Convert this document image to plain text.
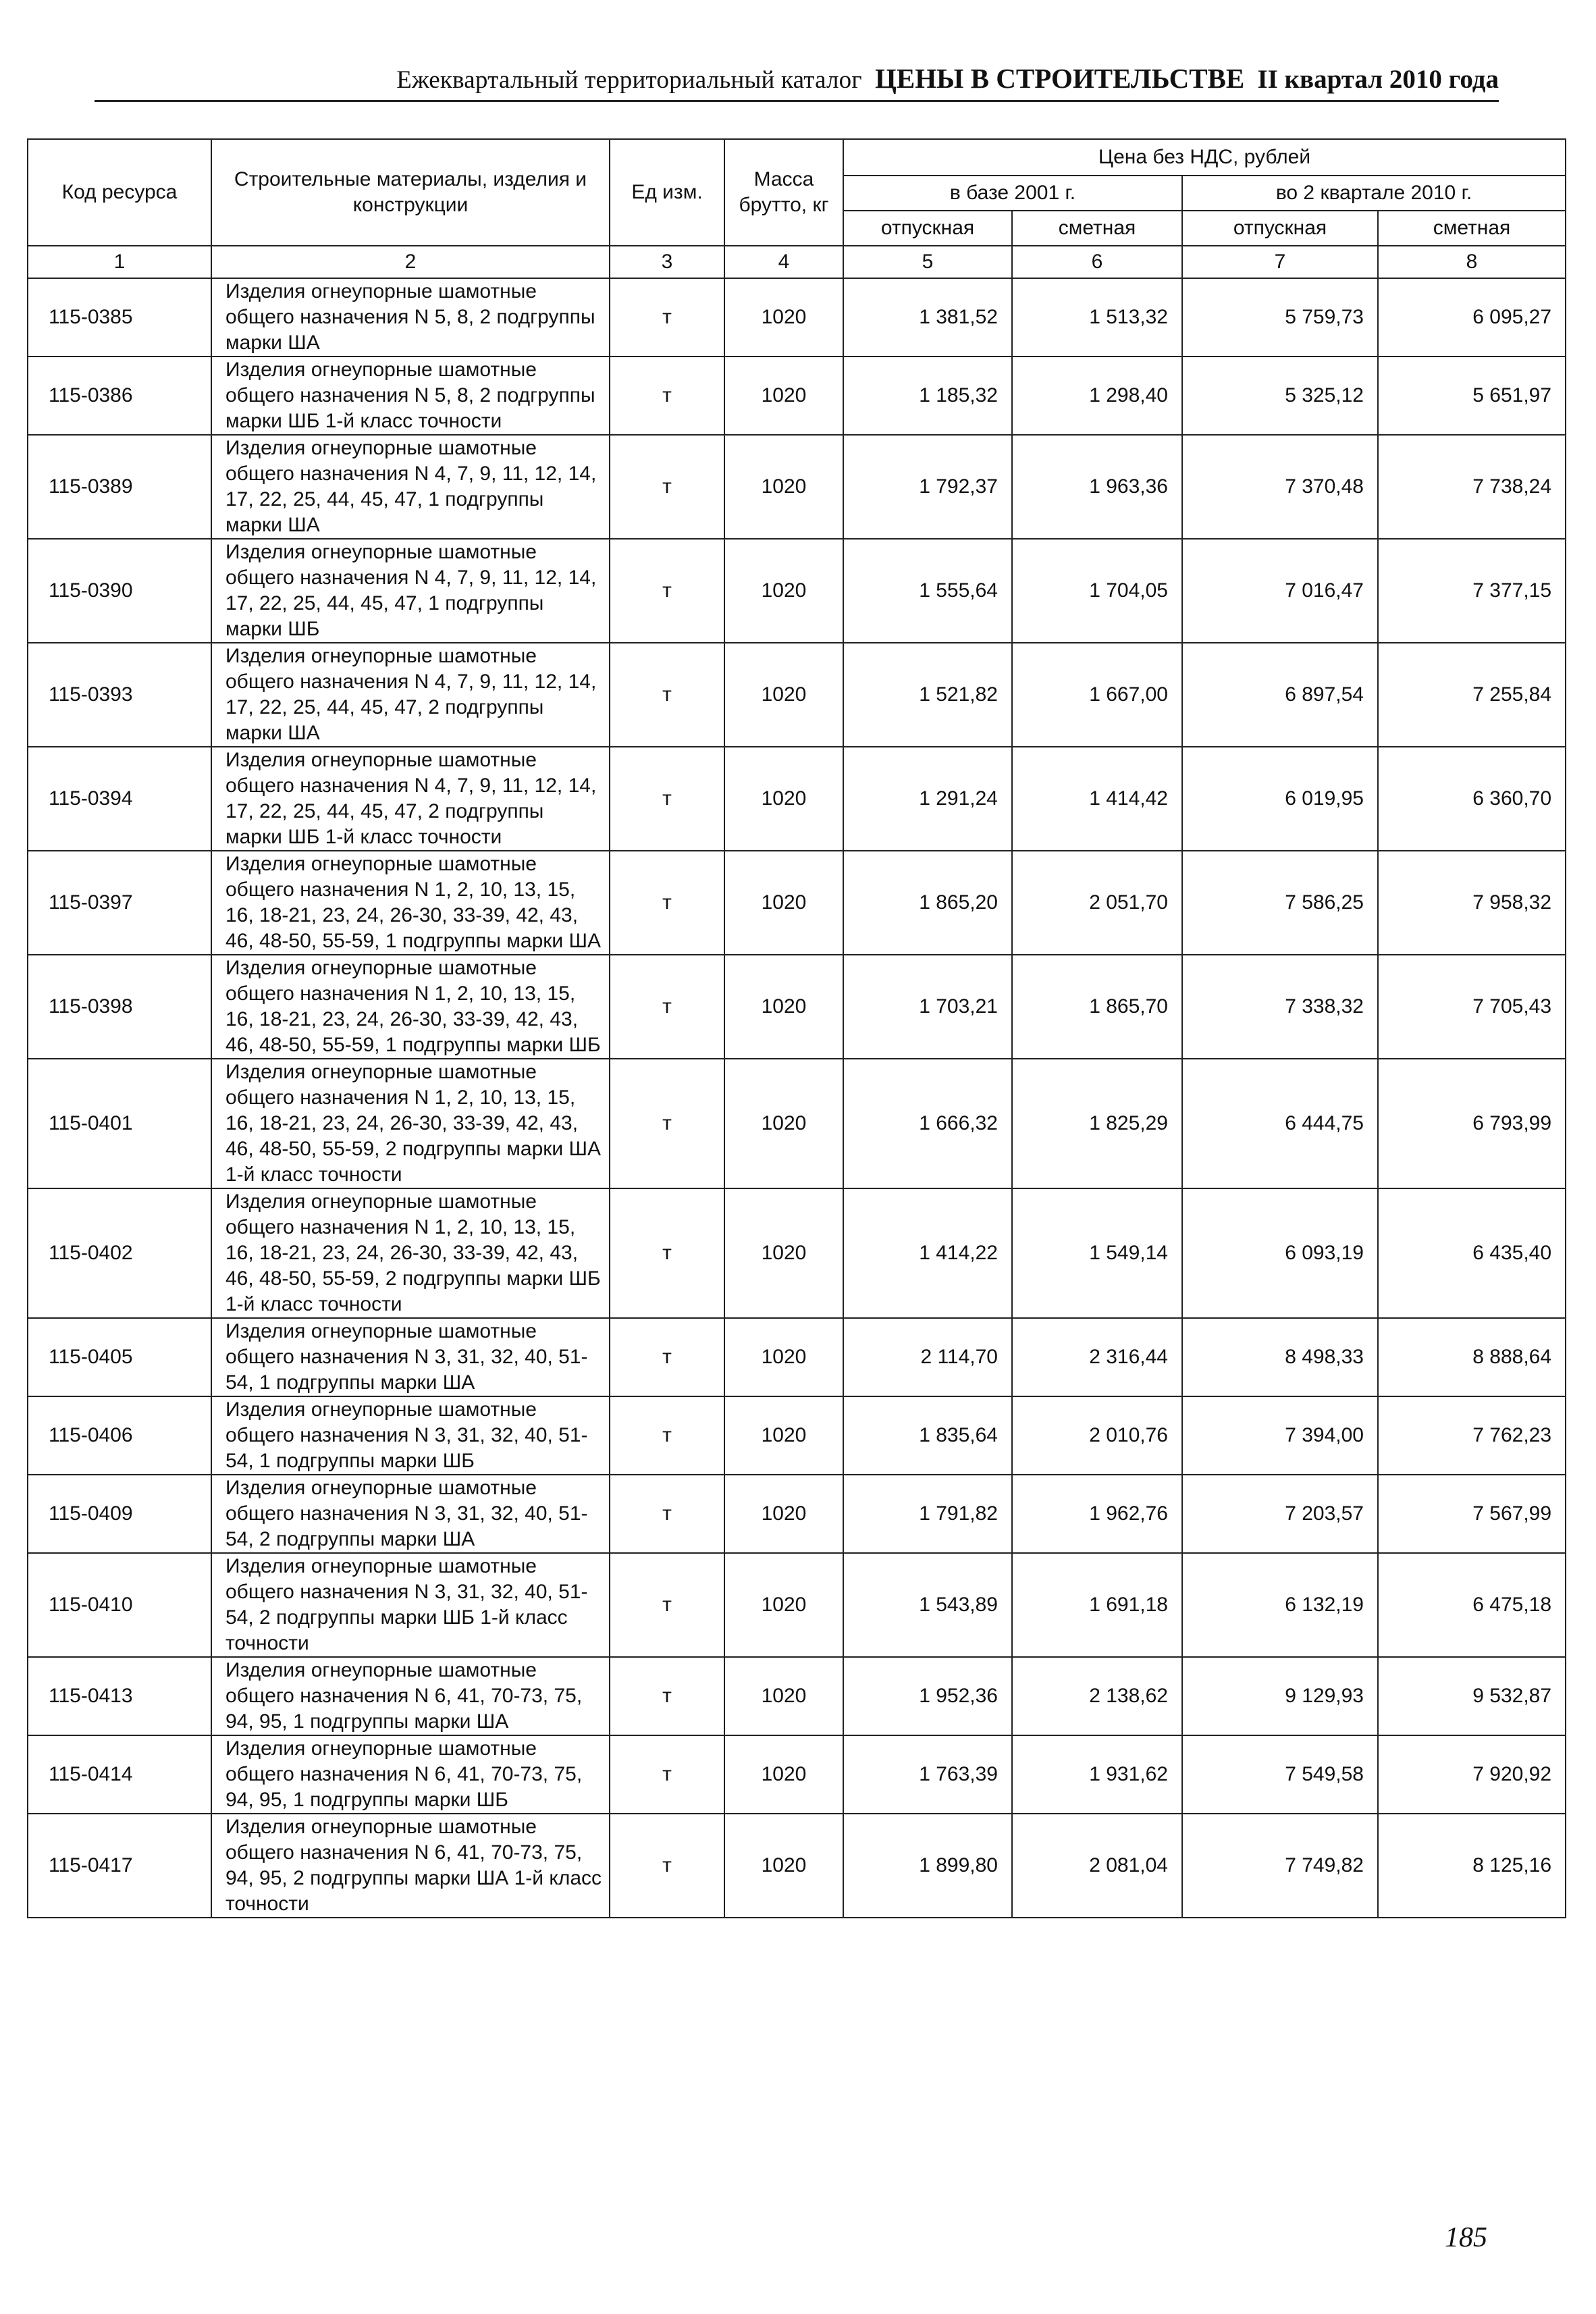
Ежеквартальный территориальный каталог ЦЕНЫ В СТРОИТЕЛЬСТВЕ II квартал 2010 года
Код ресурса	Строительные материалы, изделия и конструкции	Ед изм.	Масса брутто, кг	Цена без НДС, рублей			
				в базе 2001 г.		во 2 квартале 2010 г.	
				отпускная	сметная	отпускная	сметная
1	2	3	4	5	6	7	8
115-0385	Изделия огнеупорные шамотные общего назначения N 5, 8, 2 подгруппы марки ША	т	1020	1 381,52	1 513,32	5 759,73	6 095,27
115-0386	Изделия огнеупорные шамотные общего назначения N 5, 8, 2 подгруппы марки ШБ 1-й класс точности	т	1020	1 185,32	1 298,40	5 325,12	5 651,97
115-0389	Изделия огнеупорные шамотные общего назначения N 4, 7, 9, 11, 12, 14, 17, 22, 25, 44, 45, 47, 1 подгруппы марки ША	т	1020	1 792,37	1 963,36	7 370,48	7 738,24
115-0390	Изделия огнеупорные шамотные общего назначения N 4, 7, 9, 11, 12, 14, 17, 22, 25, 44, 45, 47, 1 подгруппы марки ШБ	т	1020	1 555,64	1 704,05	7 016,47	7 377,15
115-0393	Изделия огнеупорные шамотные общего назначения N 4, 7, 9, 11, 12, 14, 17, 22, 25, 44, 45, 47, 2 подгруппы марки ША	т	1020	1 521,82	1 667,00	6 897,54	7 255,84
115-0394	Изделия огнеупорные шамотные общего назначения N 4, 7, 9, 11, 12, 14, 17, 22, 25, 44, 45, 47, 2 подгруппы марки ШБ 1-й класс точности	т	1020	1 291,24	1 414,42	6 019,95	6 360,70
115-0397	Изделия огнеупорные шамотные общего назначения N 1, 2, 10, 13, 15, 16, 18-21, 23, 24, 26-30, 33-39, 42, 43, 46, 48-50, 55-59, 1 подгруппы марки ША	т	1020	1 865,20	2 051,70	7 586,25	7 958,32
115-0398	Изделия огнеупорные шамотные общего назначения N 1, 2, 10, 13, 15, 16, 18-21, 23, 24, 26-30, 33-39, 42, 43, 46, 48-50, 55-59, 1 подгруппы марки ШБ	т	1020	1 703,21	1 865,70	7 338,32	7 705,43
115-0401	Изделия огнеупорные шамотные общего назначения N 1, 2, 10, 13, 15, 16, 18-21, 23, 24, 26-30, 33-39, 42, 43, 46, 48-50, 55-59, 2 подгруппы марки ША 1-й класс точности	т	1020	1 666,32	1 825,29	6 444,75	6 793,99
115-0402	Изделия огнеупорные шамотные общего назначения N 1, 2, 10, 13, 15, 16, 18-21, 23, 24, 26-30, 33-39, 42, 43, 46, 48-50, 55-59, 2 подгруппы марки ШБ 1-й класс точности	т	1020	1 414,22	1 549,14	6 093,19	6 435,40
115-0405	Изделия огнеупорные шамотные общего назначения N 3, 31, 32, 40, 51-54, 1 подгруппы марки ША	т	1020	2 114,70	2 316,44	8 498,33	8 888,64
115-0406	Изделия огнеупорные шамотные общего назначения N 3, 31, 32, 40, 51-54, 1 подгруппы марки ШБ	т	1020	1 835,64	2 010,76	7 394,00	7 762,23
115-0409	Изделия огнеупорные шамотные общего назначения N 3, 31, 32, 40, 51-54, 2 подгруппы марки ША	т	1020	1 791,82	1 962,76	7 203,57	7 567,99
115-0410	Изделия огнеупорные шамотные общего назначения N 3, 31, 32, 40, 51-54, 2 подгруппы марки ШБ 1-й класс точности	т	1020	1 543,89	1 691,18	6 132,19	6 475,18
115-0413	Изделия огнеупорные шамотные общего назначения N 6, 41, 70-73, 75, 94, 95, 1 подгруппы марки ША	т	1020	1 952,36	2 138,62	9 129,93	9 532,87
115-0414	Изделия огнеупорные шамотные общего назначения N 6, 41, 70-73, 75, 94, 95, 1 подгруппы марки ШБ	т	1020	1 763,39	1 931,62	7 549,58	7 920,92
115-0417	Изделия огнеупорные шамотные общего назначения N 6, 41, 70-73, 75, 94, 95, 2 подгруппы марки ША 1-й класс точности	т	1020	1 899,80	2 081,04	7 749,82	8 125,16
185
